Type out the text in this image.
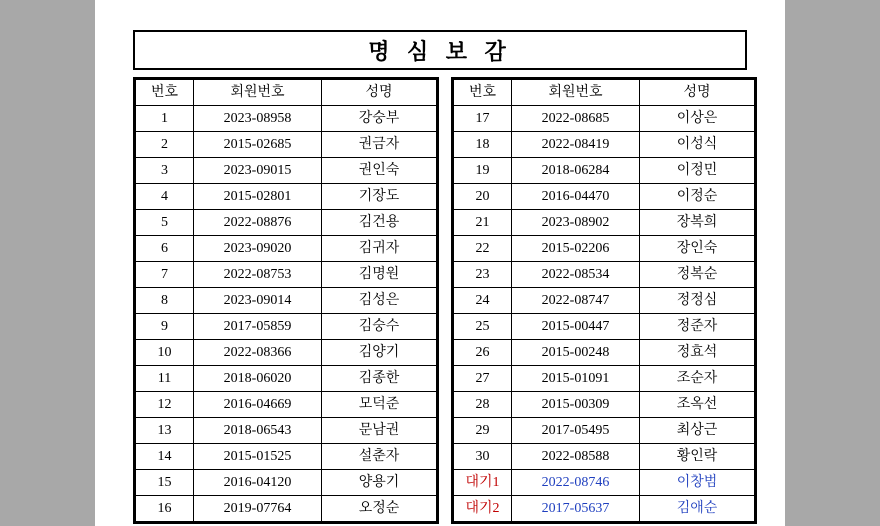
명 심 보 감
번호	회원번호	성명
1	2023-08958	강숭부
2	2015-02685	권금자
3	2023-09015	권인숙
4	2015-02801	기장도
5	2022-08876	김건용
6	2023-09020	김귀자
7	2022-08753	김명원
8	2023-09014	김성은
9	2017-05859	김숭수
10	2022-08366	김양기
11	2018-06020	김종한
12	2016-04669	모덕준
13	2018-06543	문남권
14	2015-01525	설춘자
15	2016-04120	양용기
16	2019-07764	오정순
번호	회원번호	성명
17	2022-08685	이상은
18	2022-08419	이성식
19	2018-06284	이정민
20	2016-04470	이정순
21	2023-08902	장복희
22	2015-02206	장인숙
23	2022-08534	정복순
24	2022-08747	정정심
25	2015-00447	정준자
26	2015-00248	정효석
27	2015-01091	조순자
28	2015-00309	조옥선
29	2017-05495	최상근
30	2022-08588	황인락
대기1	2022-08746	이창범
대기2	2017-05637	김애순
